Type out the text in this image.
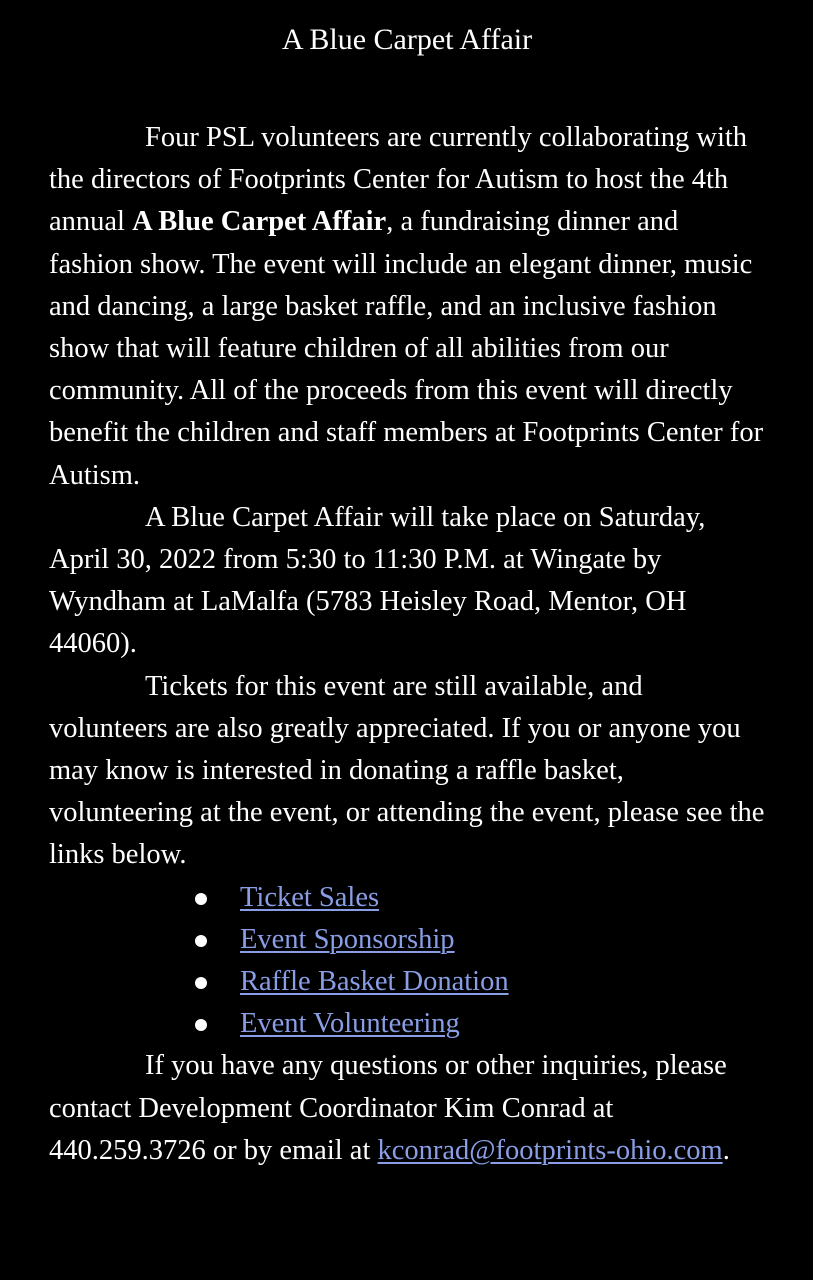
A Blue Carpet Affair

Four PSL volunteers are currently collaborating with the directors of Footprints Center for Autism to host the 4th annual A Blue Carpet Affair, a fundraising dinner and fashion show. The event will include an elegant dinner, music and dancing, a large basket raffle, and an inclusive fashion show that will feature children of all abilities from our community. All of the proceeds from this event will directly benefit the children and staff members at Footprints Center for Autism.

A Blue Carpet Affair will take place on Saturday, April 30, 2022 from 5:30 to 11:30 P.M. at Wingate by Wyndham at LaMalfa (5783 Heisley Road, Mentor, OH 44060).

Tickets for this event are still available, and volunteers are also greatly appreciated. If you or anyone you may know is interested in donating a raffle basket, volunteering at the event, or attending the event, please see the links below.

Ticket Sales
Event Sponsorship
Raffle Basket Donation
Event Volunteering

If you have any questions or other inquiries, please contact Development Coordinator Kim Conrad at 440.259.3726 or by email at kconrad@footprints-ohio.com.
